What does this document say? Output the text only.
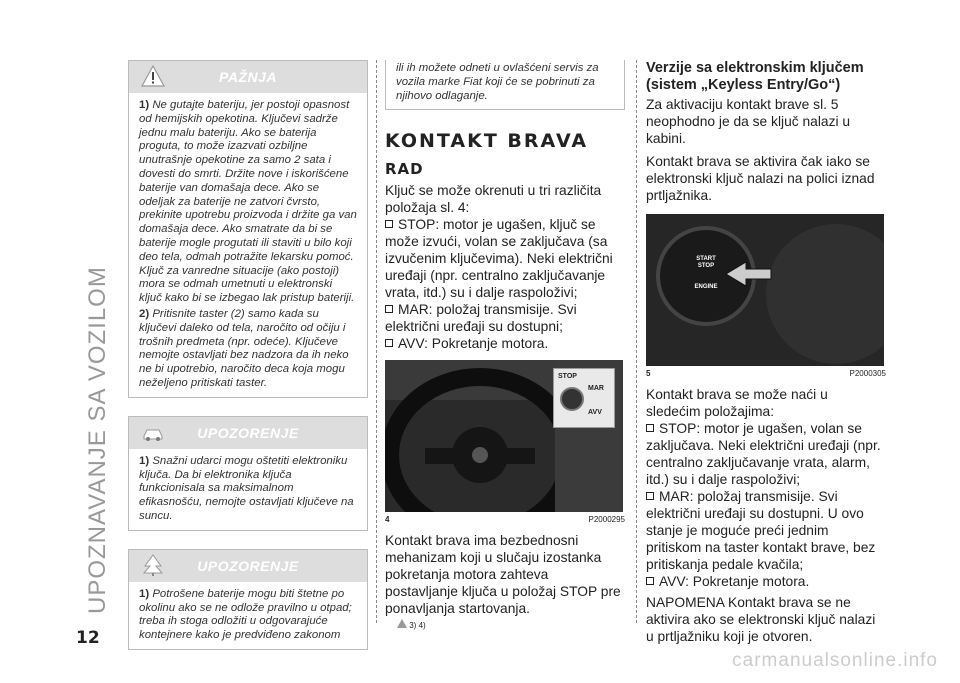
UPOZNAVANJE SA VOZILOM
12
carmanualsonline.info
PAŽNJA
1) Ne gutajte bateriju, jer postoji opasnost od hemijskih opekotina. Ključevi sadrže jednu malu bateriju. Ako se baterija proguta, to može izazvati ozbiljne unutrašnje opekotine za samo 2 sata i dovesti do smrti. Držite nove i iskorišćene baterije van domašaja dece. Ako se odeljak za baterije ne zatvori čvrsto, prekinite upotrebu proizvoda i držite ga van domašaja dece. Ako smatrate da bi se baterije mogle progutati ili staviti u bilo koji deo tela, odmah potražite lekarsku pomoć. Ključ za vanredne situacije (ako postoji) mora se odmah umetnuti u elektronski ključ kako bi se izbegao lak pristup bateriji.
2) Pritisnite taster (2) samo kada su ključevi daleko od tela, naročito od očiju i trošnih predmeta (npr. odeće). Ključeve nemojte ostavljati bez nadzora da ih neko ne bi upotrebio, naročito deca koja mogu neželjeno pritiskati taster.
UPOZORENJE
1) Snažni udarci mogu oštetiti elektroniku ključa. Da bi elektronika ključa funkcionisala sa maksimalnom efikasnošću, nemojte ostavljati ključeve na suncu.
UPOZORENJE
1) Potrošene baterije mogu biti štetne po okolinu ako se ne odlože pravilno u otpad; treba ih stoga odložiti u odgovarajuće kontejnere kako je predviđeno zakonom
ili ih možete odneti u ovlašćeni servis za vozila marke Fiat koji će se pobrinuti za njihovo odlaganje.
KONTAKT BRAVA
RAD

Ključ se može okrenuti u tri različita položaja sl. 4:

STOP: motor je ugašen, ključ se može izvući, volan se zaključava (sa izvučenim ključevima). Neki električni uređaji (npr. centralno zaključavanje vrata, itd.) su i dalje raspoloživi;
MAR: položaj transmisije. Svi električni uređaji su dostupni;
AVV: Pokretanje motora.
STOP
MAR
AVV
4	P2000295

Kontakt brava ima bezbednosni mehanizam koji u slučaju izostanka pokretanja motora zahteva postavljanje ključa u položaj STOP pre ponavljanja startovanja.

3) 4)
Verzije sa elektronskim ključem (sistem „Keyless Entry/Go“)

Za aktivaciju kontakt brave sl. 5 neophodno je da se ključ nalazi u kabini.

Kontakt brava se aktivira čak iako se elektronski ključ nalazi na polici iznad prtljažnika.

START
STOP
ENGINE
5	P2000305

Kontakt brava se može naći u sledećim položajima:

STOP: motor je ugašen, volan se zaključava. Neki električni uređaji (npr. centralno zaključavanje vrata, alarm, itd.) su i dalje raspoloživi;
MAR: položaj transmisije. Svi električni uređaji su dostupni. U ovo stanje je moguće preći jednim pritiskom na taster kontakt brave, bez pritiskanja pedale kvačila;
AVV: Pokretanje motora.

NAPOMENA Kontakt brava se ne aktivira ako se elektronski ključ nalazi u prtljažniku koji je otvoren.
